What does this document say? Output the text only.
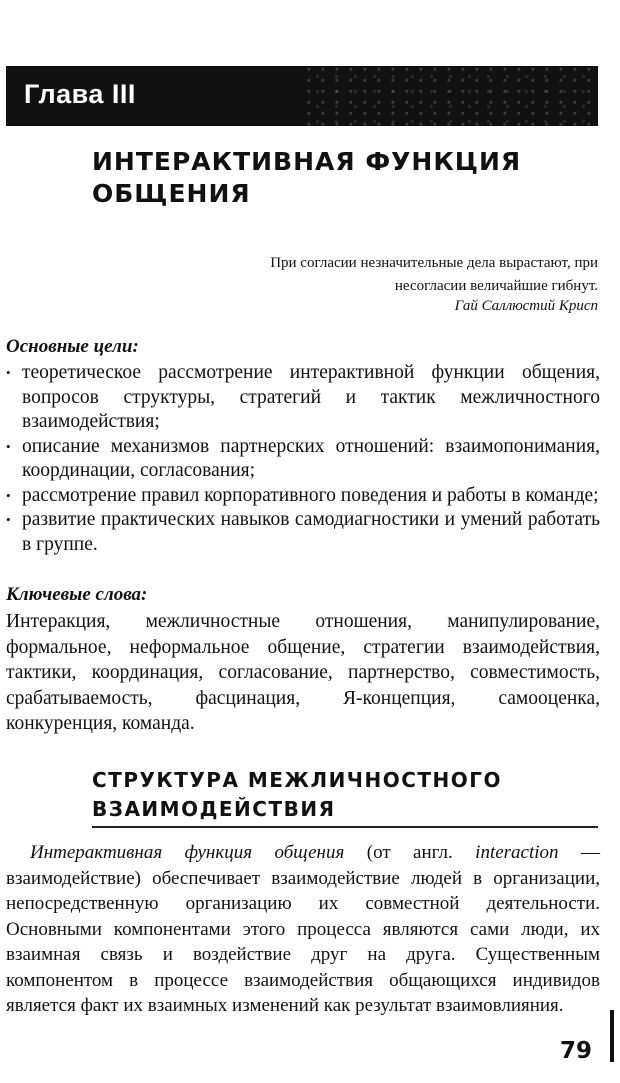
Глава III
ИНТЕРАКТИВНАЯ ФУНКЦИЯ ОБЩЕНИЯ
При согласии незначительные дела вырастают, при несогласии величайшие гибнут.
Гай Саллюстий Крисп
Основные цели:
• теоретическое рассмотрение интерактивной функции общения, вопросов структуры, стратегий и тактик межличностного взаимодействия;
• описание механизмов партнерских отношений: взаимопонимания, координации, согласования;
• рассмотрение правил корпоративного поведения и работы в команде;
• развитие практических навыков самодиагностики и умений работать в группе.
Ключевые слова:

Интеракция, межличностные отношения, манипулирование, формальное, неформальное общение, стратегии взаимодействия, тактики, координация, согласование, партнерство, совместимость, срабатываемость, фасцинация, Я-концепция, самооценка, конкуренция, команда.

СТРУКТУРА МЕЖЛИЧНОСТНОГО ВЗАИМОДЕЙСТВИЯ

Интерактивная функция общения (от англ. interaction — взаимодействие) обеспечивает взаимодействие людей в организации, непосредственную организацию их совместной деятельности. Основными компонентами этого процесса являются сами люди, их взаимная связь и воздействие друг на друга. Существенным компонентом в процессе взаимодействия общающихся индивидов является факт их взаимных изменений как результат взаимовлияния.

79
